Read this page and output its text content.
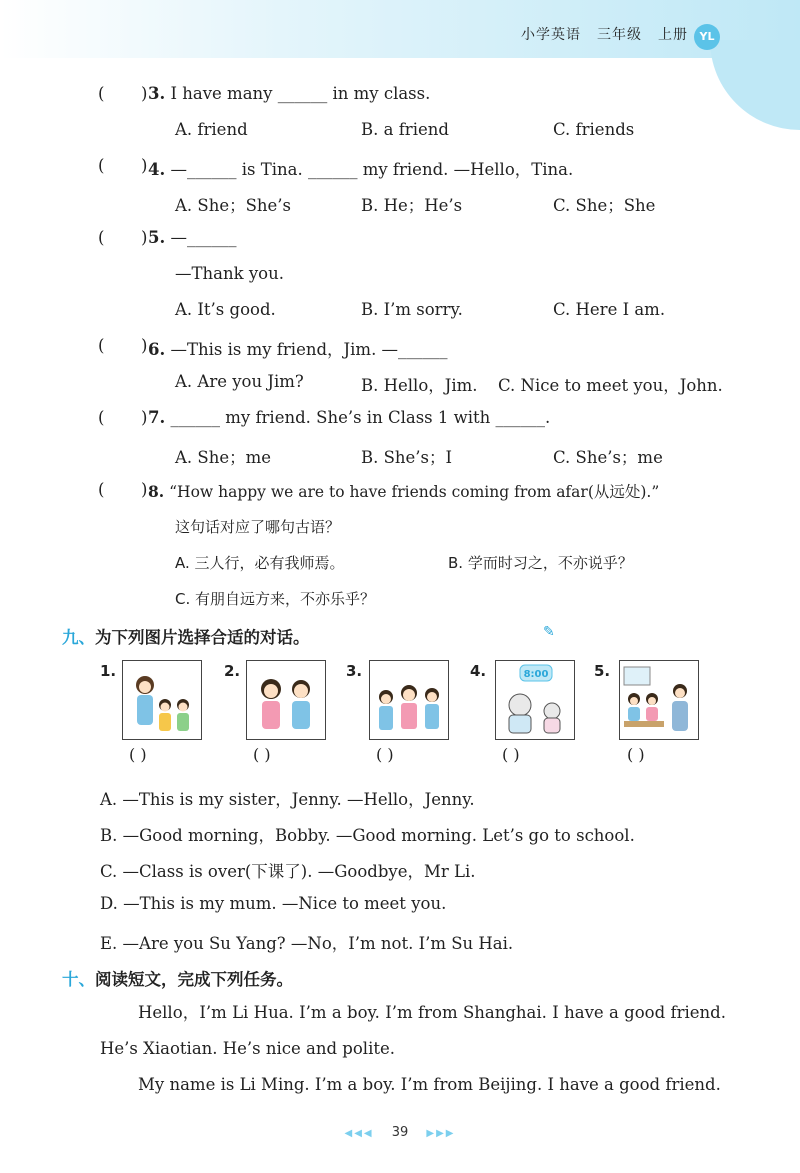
小学英语 三年级 上册	YL
( ) 3. I have many ______ in my class.
A. friend	B. a friend	C. friends
( ) 4. —______ is Tina. ______ my friend. —Hello，Tina.
A. She；She’s	B. He；He’s	C. She；She
( ) 5. —______
—Thank you.
A. It’s good.	B. I’m sorry.	C. Here I am.
( ) 6. —This is my friend，Jim. —______
A. Are you Jim?	B. Hello，Jim. C. Nice to meet you，John.
( ) 7. ______ my friend. She’s in Class 1 with ______.
A. She；me	B. She’s；I	C. She’s；me
( ) 8. “How happy we are to have friends coming from afar(从远处).”
这句话对应了哪句古语？
A. 三人行，必有我师焉。	B. 学而时习之，不亦说乎？
C. 有朋自远方来，不亦乐乎？
九、为下列图片选择合适的对话。	✎
1.
( )
2.
( )
3.
( )
4.	8:00
( )
5.
( )
A. —This is my sister，Jenny. —Hello，Jenny.
B. —Good morning，Bobby. —Good morning. Let’s go to school.
C. —Class is over(下课了). —Goodbye，Mr Li.
D. —This is my mum. —Nice to meet you.
E. —Are you Su Yang? —No，I’m not. I’m Su Hai.
十、阅读短文，完成下列任务。
Hello，I’m Li Hua. I’m a boy. I’m from Shanghai. I have a good friend. He’s Xiaotian. He’s nice and polite.
My name is Li Ming. I’m a boy. I’m from Beijing. I have a good friend.
◀◀◀ 39 ▶▶▶
